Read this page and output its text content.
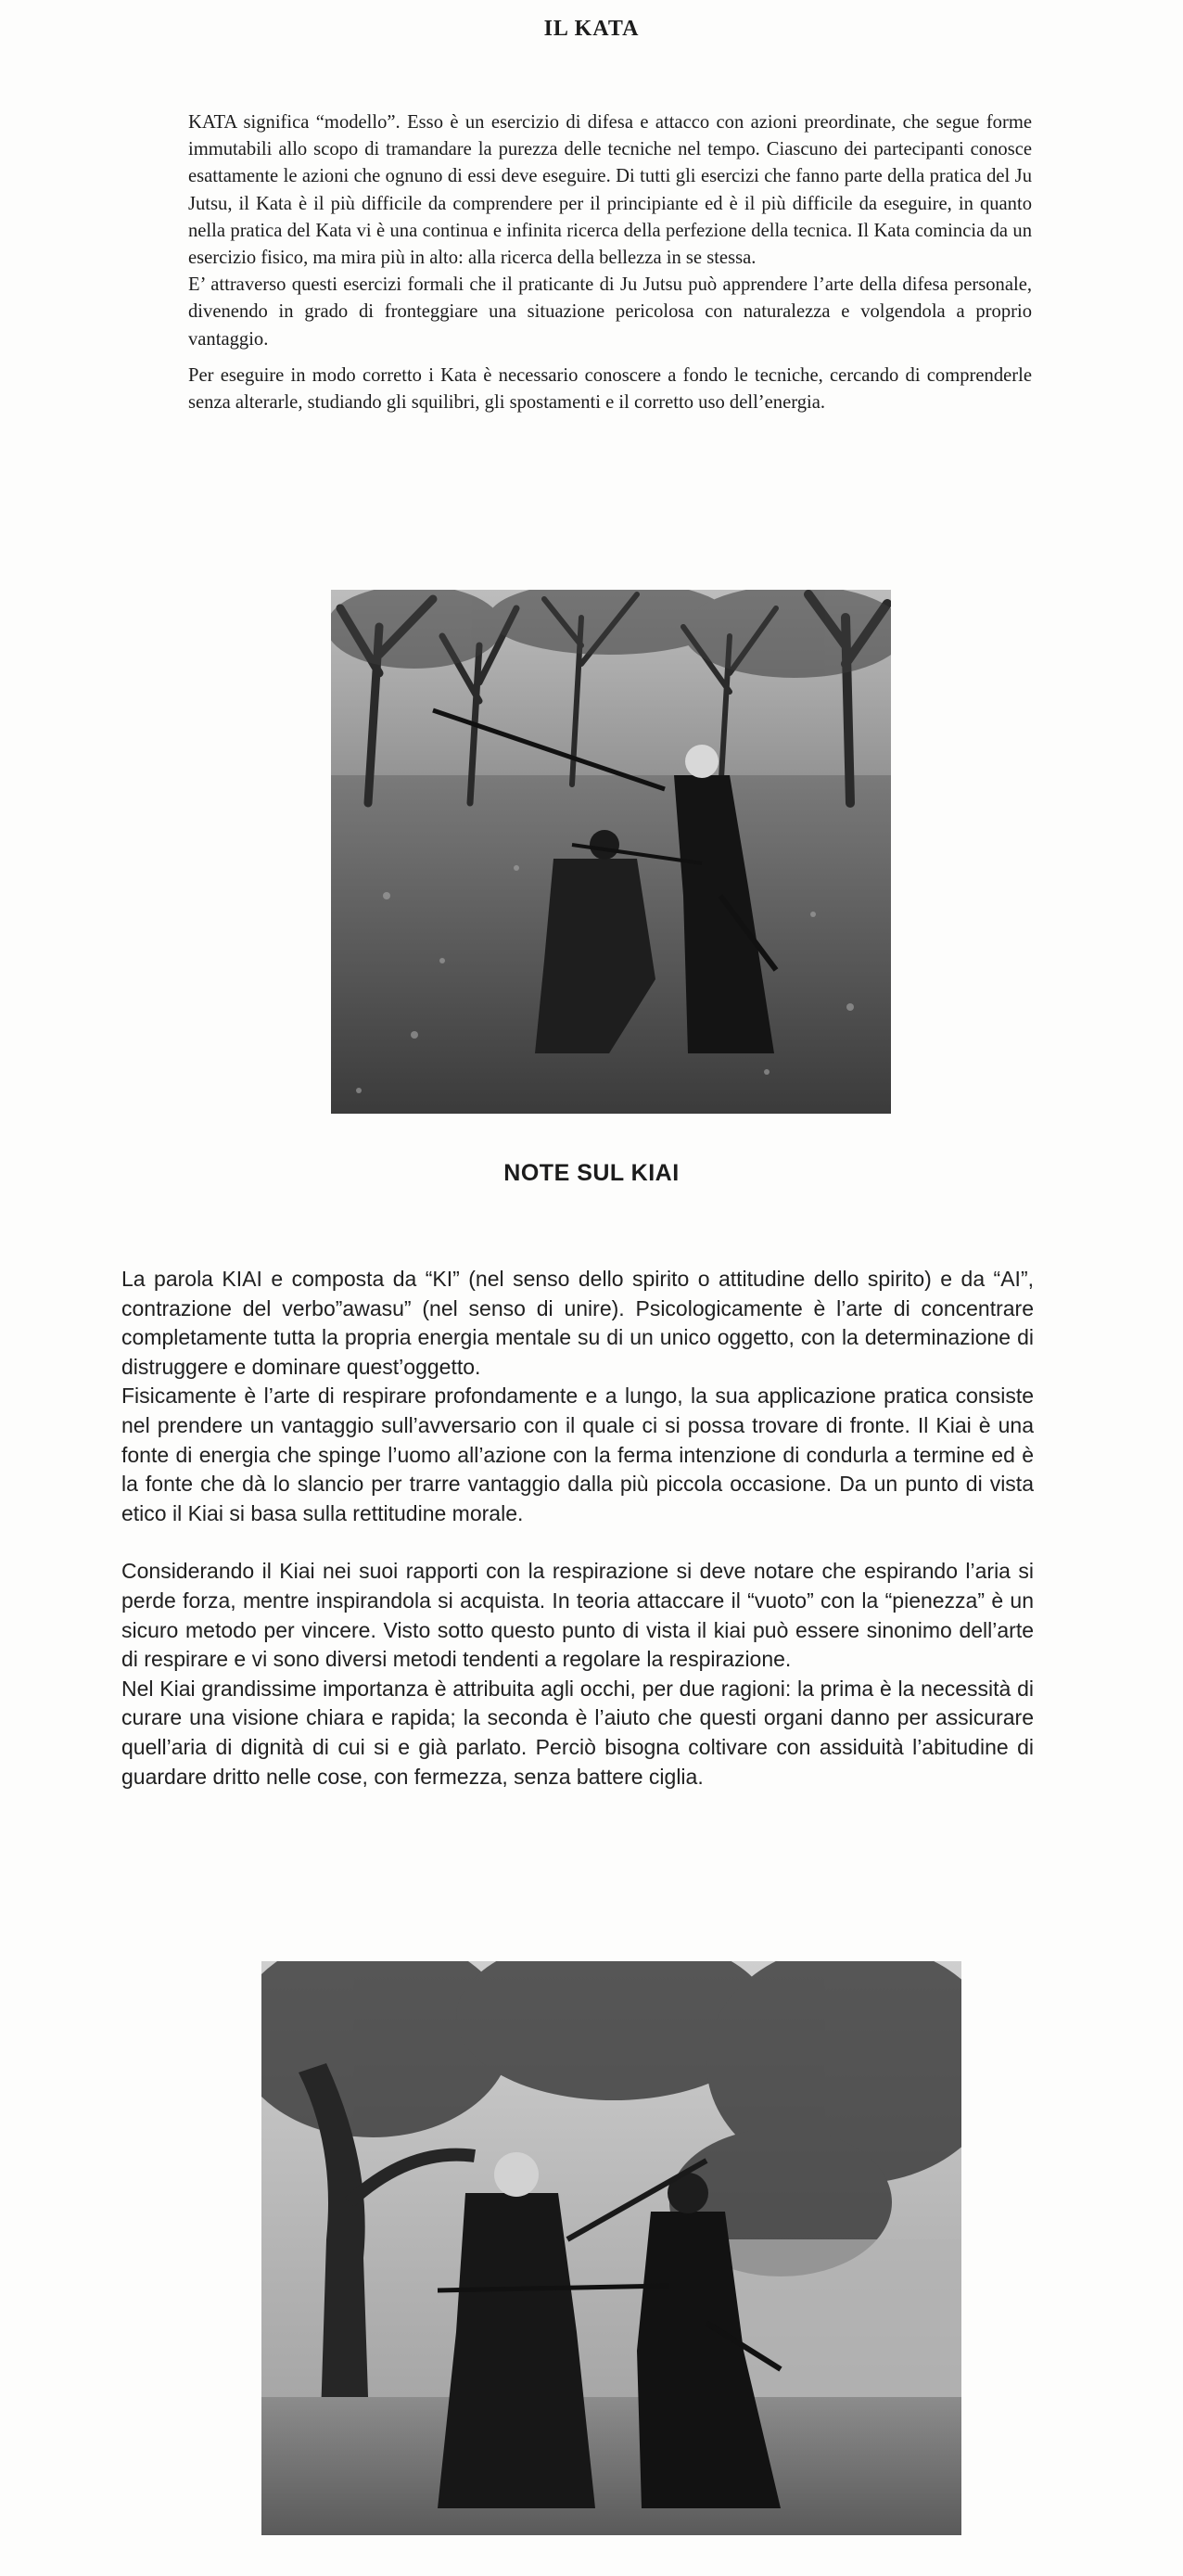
IL KATA

KATA significa “modello”. Esso è un esercizio di difesa e attacco con azioni preordinate, che segue forme immutabili allo scopo di tramandare la purezza delle tecniche nel tempo. Ciascuno dei partecipanti conosce esattamente le azioni che ognuno di essi deve eseguire. Di tutti gli esercizi che fanno parte della pratica del Ju Jutsu, il Kata è il più difficile da comprendere per il principiante ed è il più difficile da eseguire, in quanto nella pratica del Kata vi è una continua e infinita ricerca della perfezione della tecnica. Il Kata comincia da un esercizio fisico, ma mira più in alto: alla ricerca della bellezza in se stessa.

E’ attraverso questi esercizi formali che il praticante di Ju Jutsu può apprendere l’arte della difesa personale, divenendo in grado di fronteggiare una situazione pericolosa con naturalezza e volgendola a proprio vantaggio.

Per eseguire in modo corretto i Kata è necessario conoscere a fondo le tecniche, cercando di comprenderle senza alterarle, studiando gli squilibri, gli spostamenti e il corretto uso dell’energia.

NOTE SUL KIAI

La parola KIAI e composta da “KI” (nel senso dello spirito o attitudine dello spirito) e da “AI”, contrazione del verbo”awasu” (nel senso di unire). Psicologicamente è l’arte di concentrare completamente tutta la propria energia mentale su di un unico oggetto, con la determinazione di distruggere e dominare quest’oggetto.

Fisicamente è l’arte di respirare profondamente e a lungo, la sua applicazione pratica consiste nel prendere un vantaggio sull’avversario con il quale ci si possa trovare di fronte. Il Kiai è una fonte di energia che spinge l’uomo all’azione con la ferma intenzione di condurla a termine ed è la fonte che dà lo slancio per trarre vantaggio dalla più piccola occasione. Da un punto di vista etico il Kiai si basa sulla rettitudine morale.

Considerando il Kiai nei suoi rapporti con la respirazione si deve notare che espirando l’aria si perde forza, mentre inspirandola si acquista. In teoria attaccare il “vuoto” con la “pienezza” è un sicuro metodo per vincere. Visto sotto questo punto di vista il kiai può essere sinonimo dell’arte di respirare e vi sono diversi metodi tendenti a regolare la respirazione.

Nel Kiai grandissime importanza è attribuita agli occhi, per due ragioni: la prima è la necessità di curare una visione chiara e rapida; la seconda è l’aiuto che questi organi danno per assicurare quell’aria di dignità di cui si e già parlato. Perciò bisogna coltivare con assiduità l’abitudine di guardare dritto nelle cose, con fermezza, senza battere ciglia.
